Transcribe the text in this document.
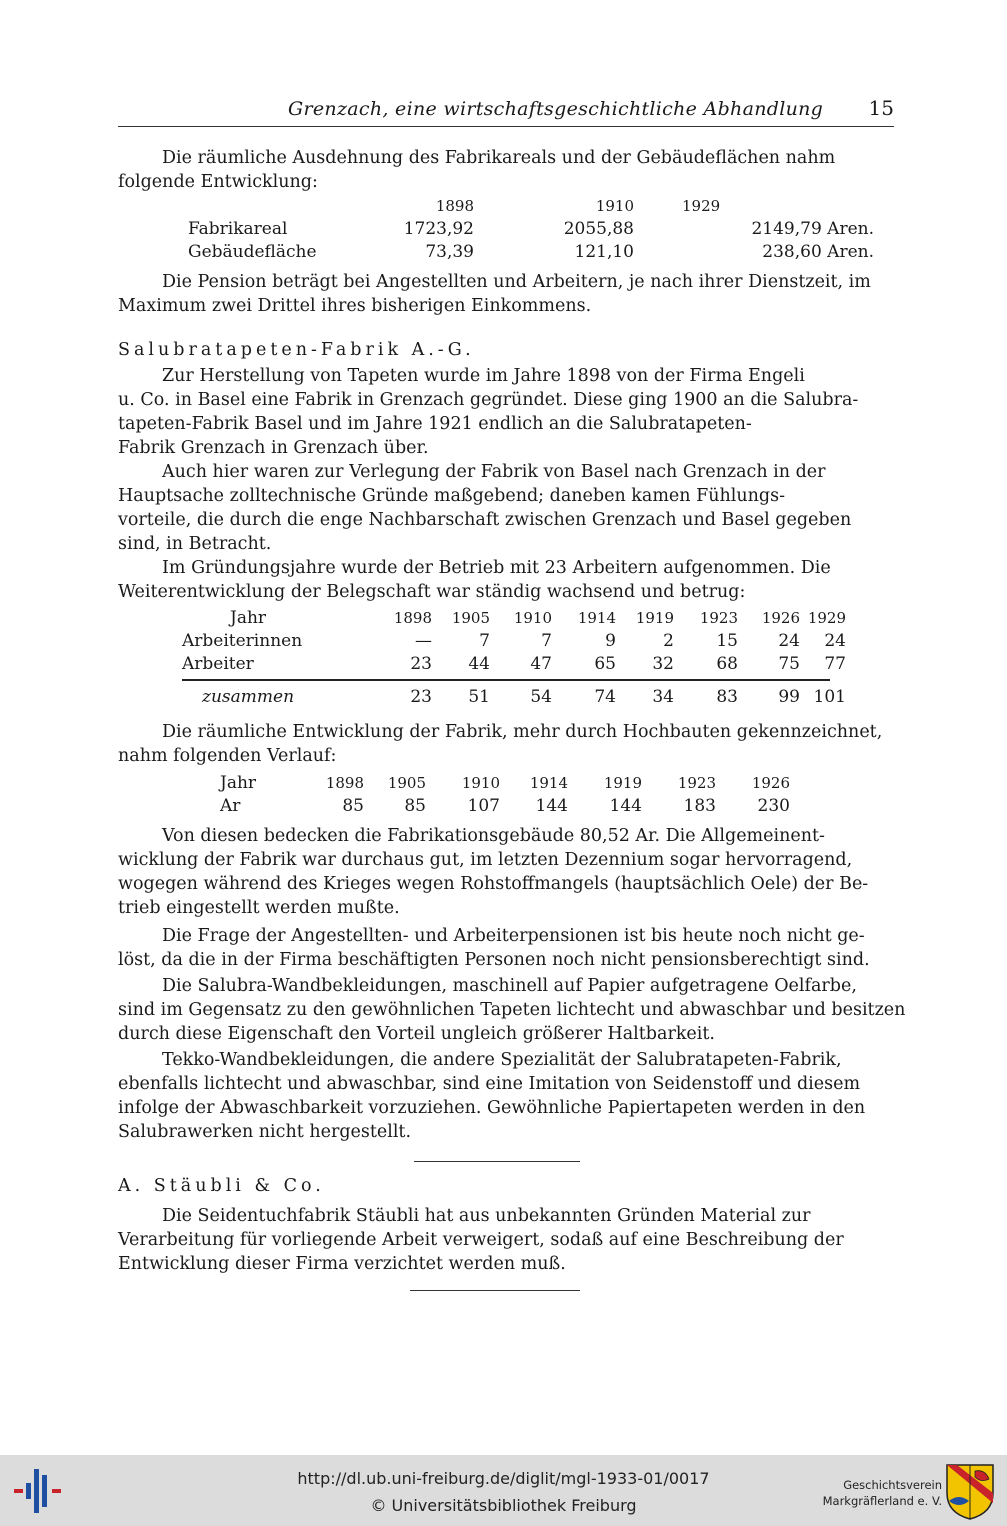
Grenzach, eine wirtschaftsgeschichtliche Abhandlung 15
Die räumliche Ausdehnung des Fabrikareals und der Gebäudeflächen nahm
folgende Entwicklung:
	1898	1910	1929
Fabrikareal	1723,92	2055,88	2149,79 Aren.
Gebäudefläche	73,39	121,10	238,60 Aren.
Die Pension beträgt bei Angestellten und Arbeitern, je nach ihrer Dienstzeit, im
Maximum zwei Drittel ihres bisherigen Einkommens.
Salubratapeten-Fabrik A.-G.
Zur Herstellung von Tapeten wurde im Jahre 1898 von der Firma Engeli
u. Co. in Basel eine Fabrik in Grenzach gegründet. Diese ging 1900 an die Salubra-
tapeten-Fabrik Basel und im Jahre 1921 endlich an die Salubratapeten-
Fabrik Grenzach in Grenzach über.
Auch hier waren zur Verlegung der Fabrik von Basel nach Grenzach in der
Hauptsache zolltechnische Gründe maßgebend; daneben kamen Fühlungs-
vorteile, die durch die enge Nachbarschaft zwischen Grenzach und Basel gegeben
sind, in Betracht.
Im Gründungsjahre wurde der Betrieb mit 23 Arbeitern aufgenommen. Die
Weiterentwicklung der Belegschaft war ständig wachsend und betrug:
Jahr	1898	1905	1910	1914	1919	1923	1926	1929
Arbeiterinnen	—	7	7	9	2	15	24	24
Arbeiter	23	44	47	65	32	68	75	77

zusammen	23	51	54	74	34	83	99	101
Die räumliche Entwicklung der Fabrik, mehr durch Hochbauten gekennzeichnet,
nahm folgenden Verlauf:
Jahr	1898	1905	1910	1914	1919	1923	1926
Ar	85	85	107	144	144	183	230
Von diesen bedecken die Fabrikationsgebäude 80,52 Ar. Die Allgemeinent-
wicklung der Fabrik war durchaus gut, im letzten Dezennium sogar hervorragend,
wogegen während des Krieges wegen Rohstoffmangels (hauptsächlich Oele) der Be-
trieb eingestellt werden mußte.
Die Frage der Angestellten- und Arbeiterpensionen ist bis heute noch nicht ge-
löst, da die in der Firma beschäftigten Personen noch nicht pensionsberechtigt sind.
Die Salubra-Wandbekleidungen, maschinell auf Papier aufgetragene Oelfarbe,
sind im Gegensatz zu den gewöhnlichen Tapeten lichtecht und abwaschbar und besitzen
durch diese Eigenschaft den Vorteil ungleich größerer Haltbarkeit.
Tekko-Wandbekleidungen, die andere Spezialität der Salubratapeten-Fabrik,
ebenfalls lichtecht und abwaschbar, sind eine Imitation von Seidenstoff und diesem
infolge der Abwaschbarkeit vorzuziehen. Gewöhnliche Papiertapeten werden in den
Salubrawerken nicht hergestellt.
A. Stäubli & Co.
Die Seidentuchfabrik Stäubli hat aus unbekannten Gründen Material zur
Verarbeitung für vorliegende Arbeit verweigert, sodaß auf eine Beschreibung der
Entwicklung dieser Firma verzichtet werden muß.
http://dl.ub.uni-freiburg.de/diglit/mgl-1933-01/0017
© Universitätsbibliothek Freiburg
Geschichtsverein
Markgräflerland e. V.
